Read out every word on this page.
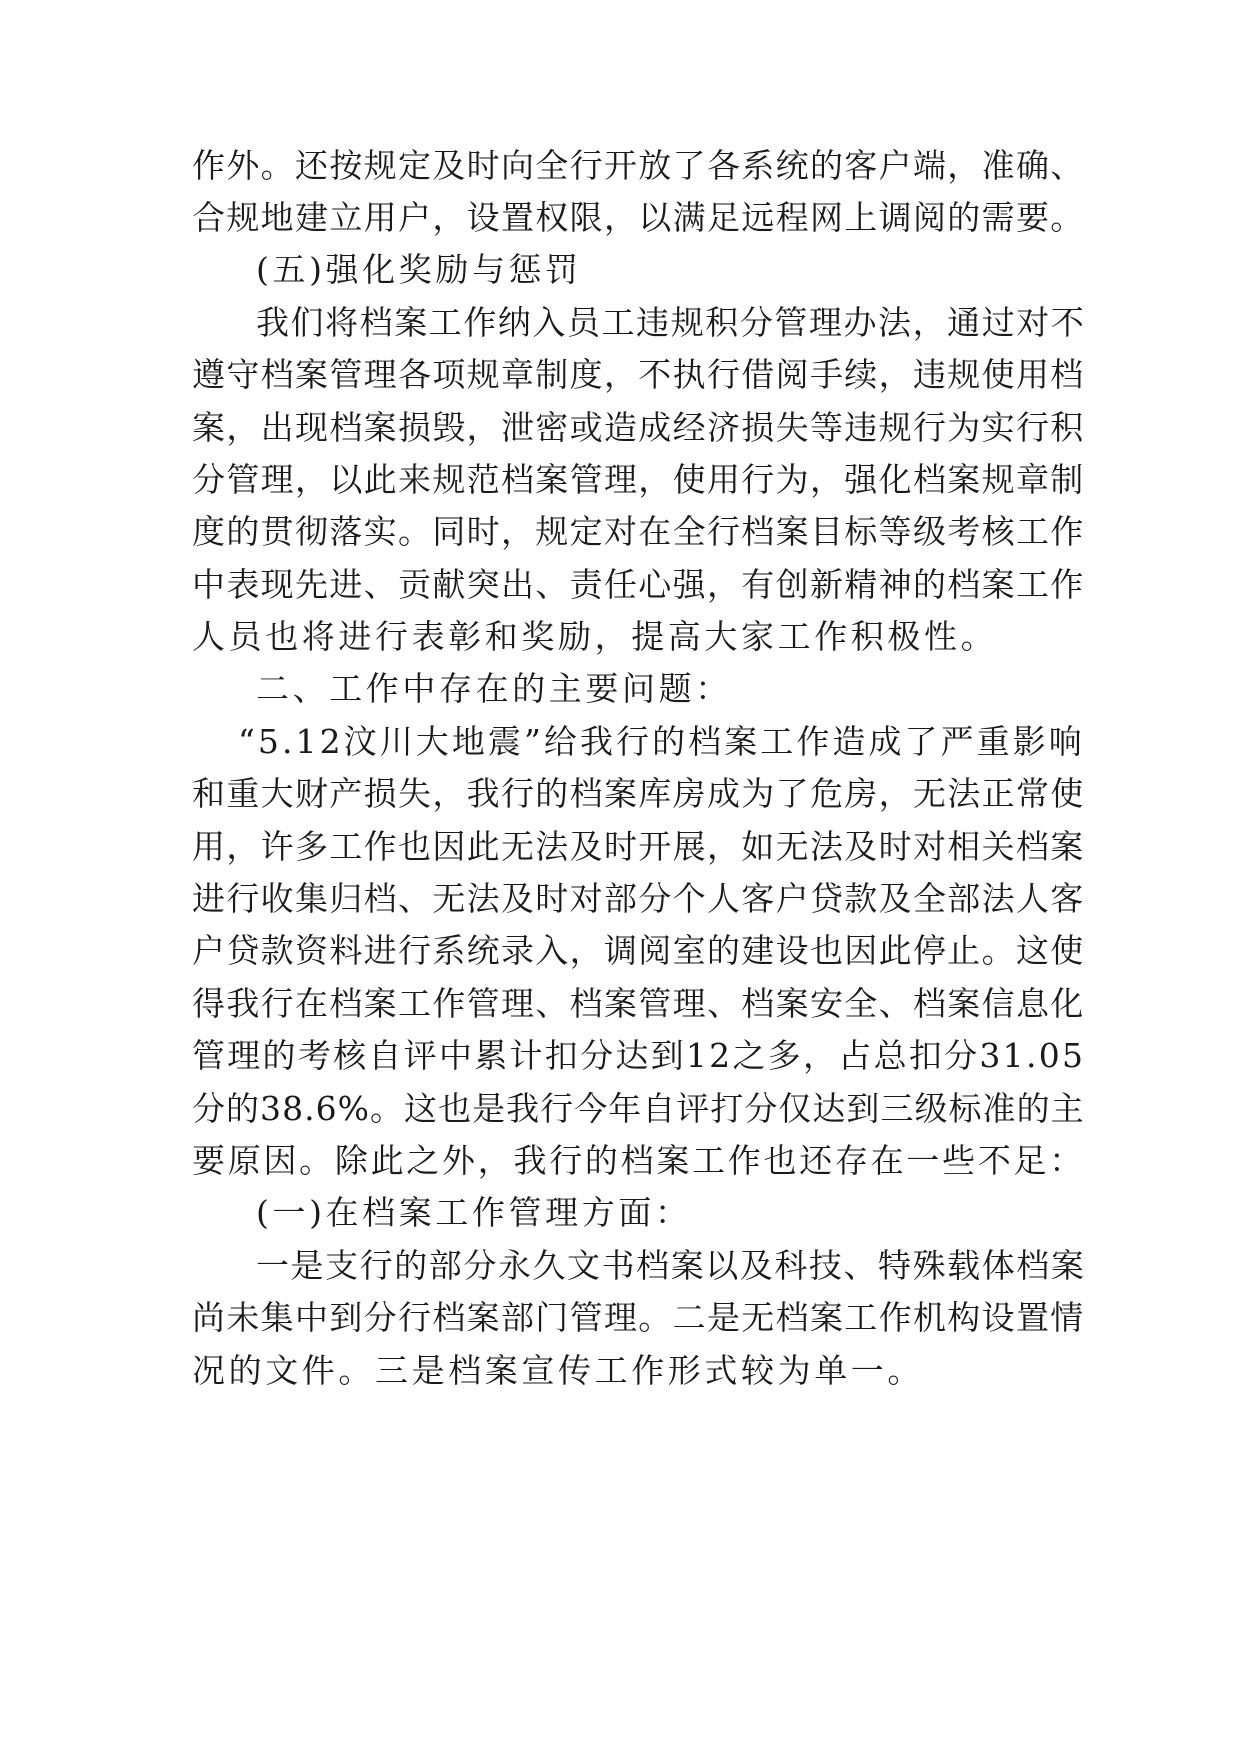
作外。还按规定及时向全行开放了各系统的客户端，准确、
合规地建立用户，设置权限，以满足远程网上调阅的需要。
(五)强化奖励与惩罚
我们将档案工作纳入员工违规积分管理办法，通过对不
遵守档案管理各项规章制度，不执行借阅手续，违规使用档
案，出现档案损毁，泄密或造成经济损失等违规行为实行积
分管理，以此来规范档案管理，使用行为，强化档案规章制
度的贯彻落实。同时，规定对在全行档案目标等级考核工作
中表现先进、贡献突出、责任心强，有创新精神的档案工作
人员也将进行表彰和奖励，提高大家工作积极性。
二、工作中存在的主要问题：
“5.12汶川大地震”给我行的档案工作造成了严重影响
和重大财产损失，我行的档案库房成为了危房，无法正常使
用，许多工作也因此无法及时开展，如无法及时对相关档案
进行收集归档、无法及时对部分个人客户贷款及全部法人客
户贷款资料进行系统录入，调阅室的建设也因此停止。这使
得我行在档案工作管理、档案管理、档案安全、档案信息化
管理的考核自评中累计扣分达到12之多，占总扣分31.05
分的38.6%。这也是我行今年自评打分仅达到三级标准的主
要原因。除此之外，我行的档案工作也还存在一些不足：
(一)在档案工作管理方面：
一是支行的部分永久文书档案以及科技、特殊载体档案
尚未集中到分行档案部门管理。二是无档案工作机构设置情
况的文件。三是档案宣传工作形式较为单一。
